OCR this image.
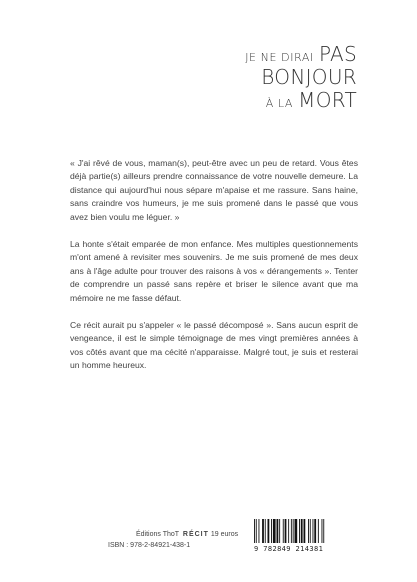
JE NE DIRAI PAS
BONJOUR
À LA MORT

« J'ai rêvé de vous, maman(s), peut-être avec un peu de retard. Vous êtes déjà partie(s) ailleurs prendre connaissance de votre nouvelle demeure. La distance qui aujourd'hui nous sépare m'apaise et me rassure. Sans haine, sans craindre vos humeurs, je me suis promené dans le passé que vous avez bien voulu me léguer. »

La honte s'était emparée de mon enfance. Mes multiples questionnements m'ont amené à revisiter mes souvenirs. Je me suis promené de mes deux ans à l'âge adulte pour trouver des raisons à vos « dérangements ». Tenter de comprendre un passé sans repère et briser le silence avant que ma mémoire ne me fasse défaut.

Ce récit aurait pu s'appeler « le passé décomposé ». Sans aucun esprit de vengeance, il est le simple témoignage de mes vingt premières années à vos côtés avant que ma cécité n'apparaisse. Malgré tout, je suis et resterai un homme heureux.

Éditions ThoT RÉCIT 19 euros
ISBN : 978-2-84921-438-1	9 782849 214381
